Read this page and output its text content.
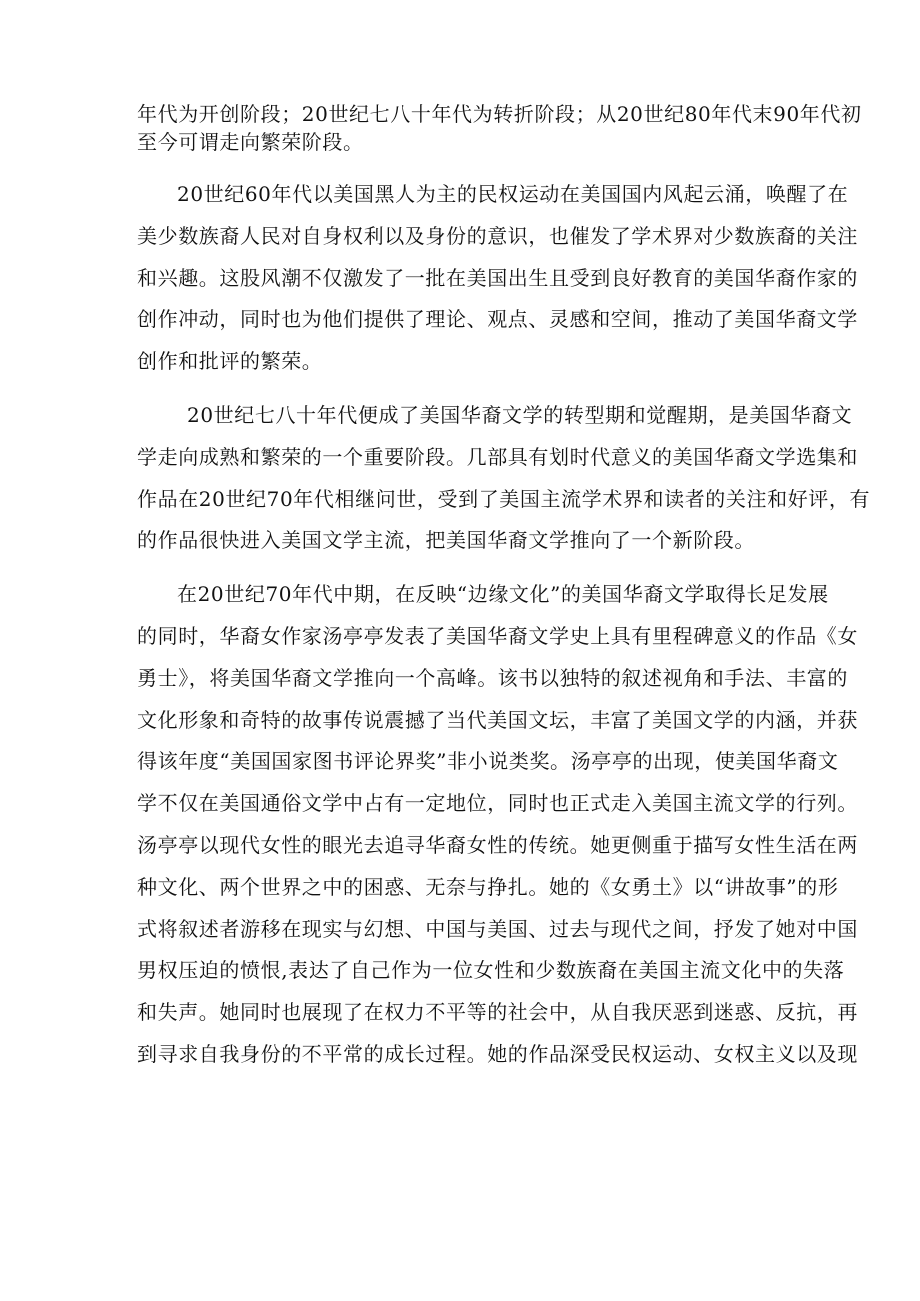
年代为开创阶段；20世纪七八十年代为转折阶段；从20世纪80年代末90年代初
至今可谓走向繁荣阶段。
20世纪60年代以美国黑人为主的民权运动在美国国内风起云涌，唤醒了在
美少数族裔人民对自身权利以及身份的意识，也催发了学术界对少数族裔的关注
和兴趣。这股风潮不仅激发了一批在美国出生且受到良好教育的美国华裔作家的
创作冲动，同时也为他们提供了理论、观点、灵感和空间，推动了美国华裔文学
创作和批评的繁荣。
20世纪七八十年代便成了美国华裔文学的转型期和觉醒期，是美国华裔文
学走向成熟和繁荣的一个重要阶段。几部具有划时代意义的美国华裔文学选集和
作品在20世纪70年代相继问世，受到了美国主流学术界和读者的关注和好评，有
的作品很快进入美国文学主流，把美国华裔文学推向了一个新阶段。
在20世纪70年代中期，在反映“边缘文化”的美国华裔文学取得长足发展
的同时，华裔女作家汤亭亭发表了美国华裔文学史上具有里程碑意义的作品《女
勇士》，将美国华裔文学推向一个高峰。该书以独特的叙述视角和手法、丰富的
文化形象和奇特的故事传说震撼了当代美国文坛，丰富了美国文学的内涵，并获
得该年度“美国国家图书评论界奖”非小说类奖。汤亭亭的出现，使美国华裔文
学不仅在美国通俗文学中占有一定地位，同时也正式走入美国主流文学的行列。
汤亭亭以现代女性的眼光去追寻华裔女性的传统。她更侧重于描写女性生活在两
种文化、两个世界之中的困惑、无奈与挣扎。她的《女勇土》以“讲故事”的形
式将叙述者游移在现实与幻想、中国与美国、过去与现代之间，抒发了她对中国
男权压迫的愤恨,表达了自己作为一位女性和少数族裔在美国主流文化中的失落
和失声。她同时也展现了在权力不平等的社会中，从自我厌恶到迷惑、反抗，再
到寻求自我身份的不平常的成长过程。她的作品深受民权运动、女权主义以及现
